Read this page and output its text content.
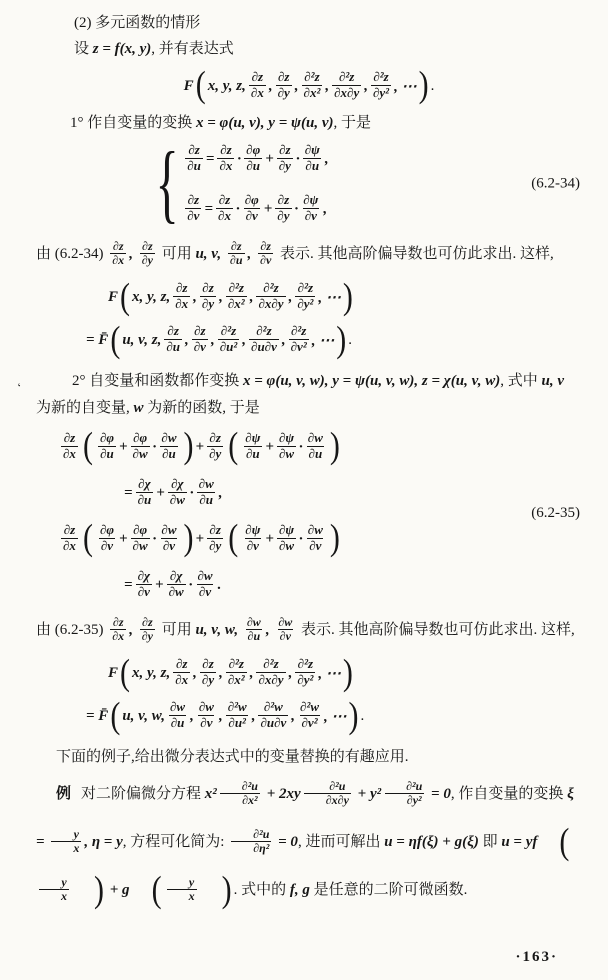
‘

(2) 多元函数的情形

设 z = f(x, y), 并有表达式

F ( x, y, z, $\frac{\partial z}{\partial x}$ , $\frac{\partial z}{\partial y}$ , $\frac{\text{∂²z}}{\text{∂x²}}$ , $\frac{\text{∂²z}}{\partial x\partial y}$ , $\frac{\text{∂²z}}{\text{∂y²}}$ , ⋯ ) .

1° 作自变量的变换 x = φ(u, v), y = ψ(u, v), 于是

{ $\frac{\partial z}{\partial u} = \frac{\partial z}{\partial x} \cdot \frac{\partial\varphi}{\partial u} + \frac{\partial z}{\partial y} \cdot \frac{\partial\psi}{\partial u}$ ,
$\frac{\partial z}{\partial v} = \frac{\partial z}{\partial x} \cdot \frac{\partial\varphi}{\partial v} + \frac{\partial z}{\partial y} \cdot \frac{\partial\psi}{\partial v}$ ,
(6.2-34)

由 $(6.2-34) \frac{\partial z}{\partial x}$ , $\frac{\partial z}{\partial y}$ 可用 u, v, $\frac{\partial z}{\partial u}$ , $\frac{\partial z}{\partial v}$ 表示. 其他高阶偏导数也可仿此求出. 这样,

F ( x, y, z, $\frac{\partial z}{\partial x}$ , $\frac{\partial z}{\partial y}$ , $\frac{\text{∂²z}}{\text{∂x²}}$ , $\frac{\text{∂²z}}{\partial x\partial y}$ , $\frac{\text{∂²z}}{\text{∂y²}}$ , ⋯ )
= F̄ ( u, v, z, $\frac{\partial z}{\partial u}$ , $\frac{\partial z}{\partial v}$ , $\frac{\text{∂²z}}{\text{∂u²}}$ , $\frac{\text{∂²z}}{\partial u\partial v}$ , $\frac{\text{∂²z}}{\text{∂v²}}$ , ⋯ ) .

2° 自变量和函数都作变换 x = φ(u, v, w), y = ψ(u, v, w), z = χ(u, v, w), 式中 u, v 为新的自变量, w 为新的函数, 于是

$\frac{\partial z}{\partial x}$ ( $\frac{\partial\varphi}{\partial u} + \frac{\partial\varphi}{\partial w} \cdot \frac{\partial w}{\partial u}$ ) + $\frac{\partial z}{\partial y}$ ( $\frac{\partial\psi}{\partial u} + \frac{\partial\psi}{\partial w} \cdot \frac{\partial w}{\partial u}$ )
= $\frac{\partial\chi}{\partial u} + \frac{\partial\chi}{\partial w} \cdot \frac{\partial w}{\partial u}$ ,
$\frac{\partial z}{\partial x}$ ( $\frac{\partial\varphi}{\partial v} + \frac{\partial\varphi}{\partial w} \cdot \frac{\partial w}{\partial v}$ ) + $\frac{\partial z}{\partial y}$ ( $\frac{\partial\psi}{\partial v} + \frac{\partial\psi}{\partial w} \cdot \frac{\partial w}{\partial v}$ )
= $\frac{\partial\chi}{\partial v} + \frac{\partial\chi}{\partial w} \cdot \frac{\partial w}{\partial v}$ .
(6.2-35)

由 $(6.2-35) \frac{\partial z}{\partial x}$ , $\frac{\partial z}{\partial y}$ 可用 u, v, w, $\frac{\partial w}{\partial u}$ , $\frac{\partial w}{\partial v}$ 表示. 其他高阶偏导数也可仿此求出. 这样,

F ( x, y, z, $\frac{\partial z}{\partial x}$ , $\frac{\partial z}{\partial y}$ , $\frac{\text{∂²z}}{\text{∂x²}}$ , $\frac{\text{∂²z}}{\partial x\partial y}$ , $\frac{\text{∂²z}}{\text{∂y²}}$ , ⋯ )
= F̄ ( u, v, w, $\frac{\partial w}{\partial u}$ , $\frac{\partial w}{\partial v}$ , $\frac{\text{∂²w}}{\text{∂u²}}$ , $\frac{\text{∂²w}}{\partial u\partial v}$ , $\frac{\text{∂²w}}{\text{∂v²}}$ , ⋯ ) .

下面的例子,给出微分表达式中的变量替换的有趣应用.

例 对二阶偏微分方程 $x^2 \frac{\text{∂²u}}{\text{∂x²}} + 2xy \frac{\text{∂²u}}{\partial x\partial y} + y^2 \frac{\text{∂²u}}{\text{∂y²}} = 0$, 作自变量的变换 $\xi = \frac{y}{x}$ , η = y, 方程可化简为: $\frac{\text{∂²u}}{\text{∂η²}} = 0$, 进而可解出 u = ηf(ξ) + g(ξ) 即 u = yf (
$\frac{y}{x}$ ) + g ( $\frac{y}{x}$ ) . 式中的 f, g 是任意的二阶可微函数.

·163·
